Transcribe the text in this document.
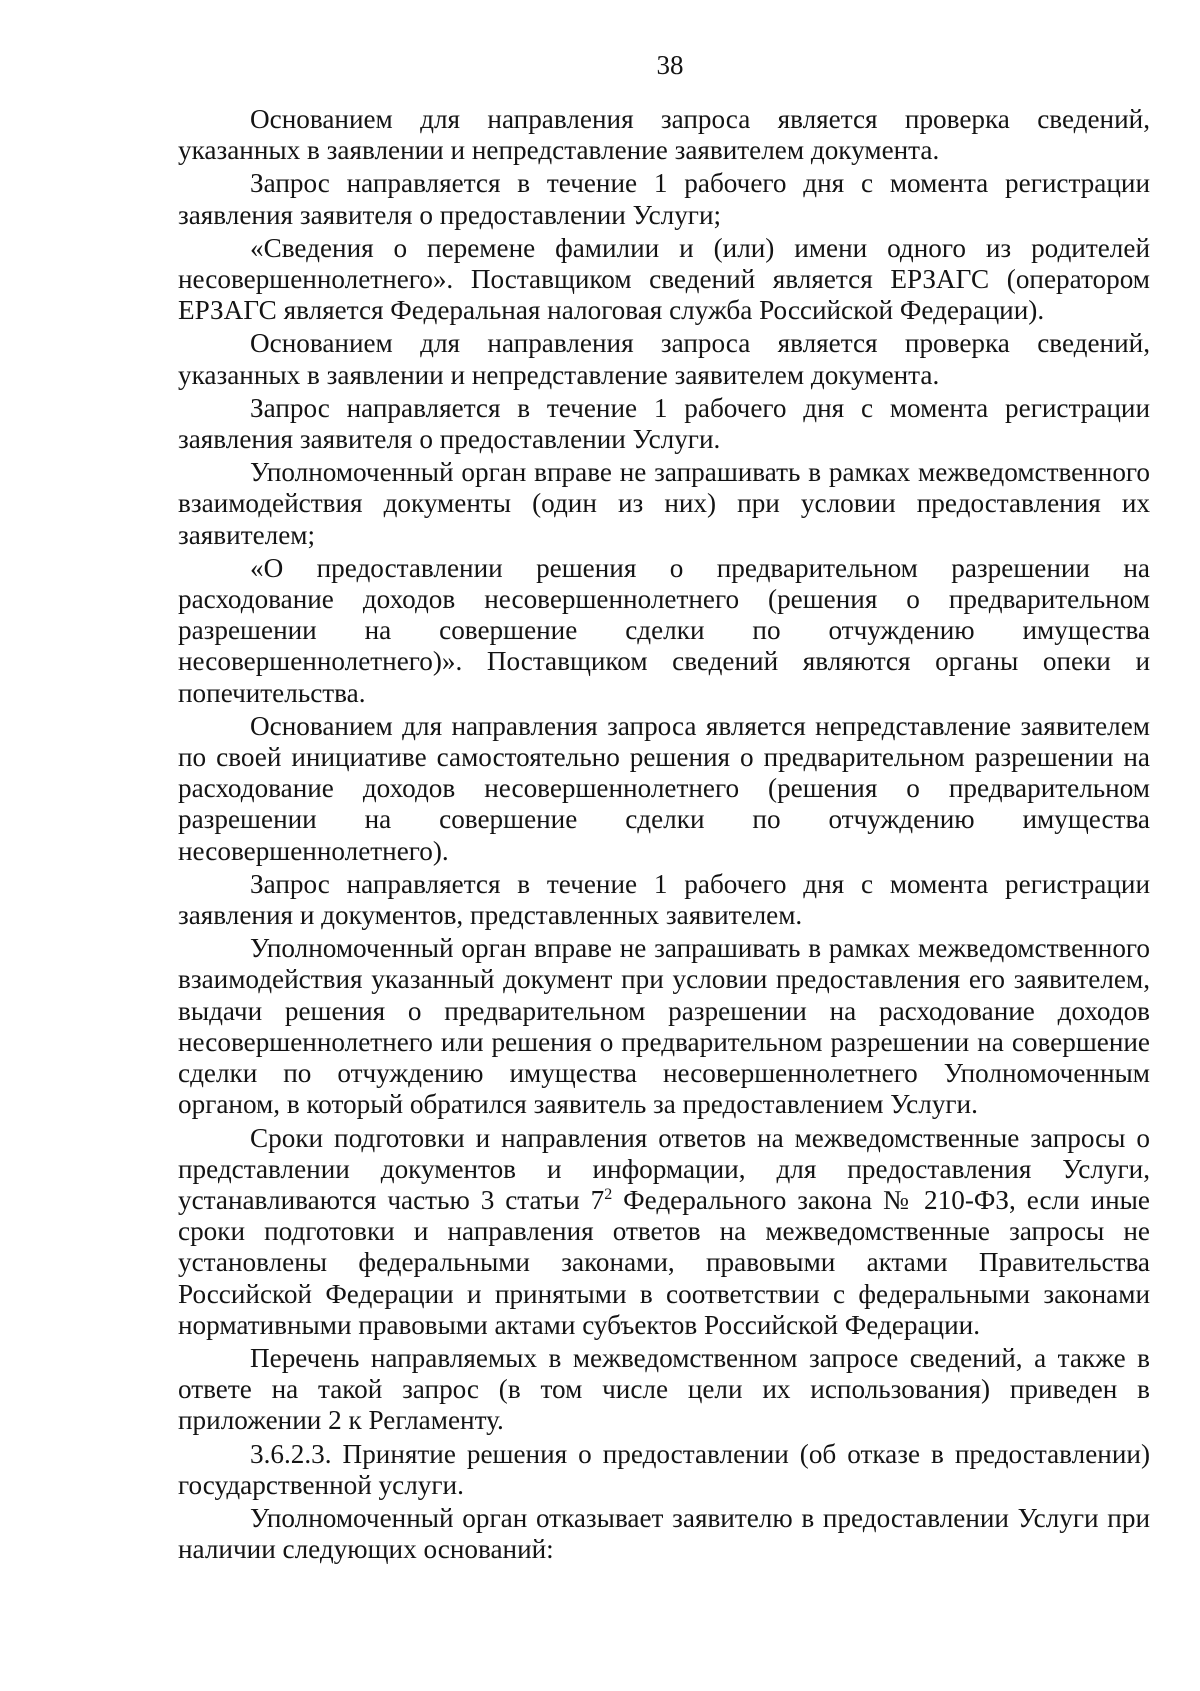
38

Основанием для направления запроса является проверка сведений, указанных в заявлении и непредставление заявителем документа.

Запрос направляется в течение 1 рабочего дня с момента регистрации заявления заявителя о предоставлении Услуги;

«Сведения о перемене фамилии и (или) имени одного из родителей несовершеннолетнего». Поставщиком сведений является ЕРЗАГС (оператором ЕРЗАГС является Федеральная налоговая служба Российской Федерации).

Основанием для направления запроса является проверка сведений, указанных в заявлении и непредставление заявителем документа.

Запрос направляется в течение 1 рабочего дня с момента регистрации заявления заявителя о предоставлении Услуги.

Уполномоченный орган вправе не запрашивать в рамках межведомственного взаимодействия документы (один из них) при условии предоставления их заявителем;

«О предоставлении решения о предварительном разрешении на расходование доходов несовершеннолетнего (решения о предварительном разрешении на совершение сделки по отчуждению имущества несовершеннолетнего)». Поставщиком сведений являются органы опеки и попечительства.

Основанием для направления запроса является непредставление заявителем по своей инициативе самостоятельно решения о предварительном разрешении на расходование доходов несовершеннолетнего (решения о предварительном разрешении на совершение сделки по отчуждению имущества несовершеннолетнего).

Запрос направляется в течение 1 рабочего дня с момента регистрации заявления и документов, представленных заявителем.

Уполномоченный орган вправе не запрашивать в рамках межведомственного взаимодействия указанный документ при условии предоставления его заявителем, выдачи решения о предварительном разрешении на расходование доходов несовершеннолетнего или решения о предварительном разрешении на совершение сделки по отчуждению имущества несовершеннолетнего Уполномоченным органом, в который обратился заявитель за предоставлением Услуги.

Сроки подготовки и направления ответов на межведомственные запросы о представлении документов и информации, для предоставления Услуги, устанавливаются частью 3 статьи $7^2$ Федерального закона № 210-ФЗ, если иные сроки подготовки и направления ответов на межведомственные запросы не установлены федеральными законами, правовыми актами Правительства Российской Федерации и принятыми в соответствии с федеральными законами нормативными правовыми актами субъектов Российской Федерации.

Перечень направляемых в межведомственном запросе сведений, а также в ответе на такой запрос (в том числе цели их использования) приведен в приложении 2 к Регламенту.

3.6.2.3. Принятие решения о предоставлении (об отказе в предоставлении) государственной услуги.

Уполномоченный орган отказывает заявителю в предоставлении Услуги при наличии следующих оснований:
